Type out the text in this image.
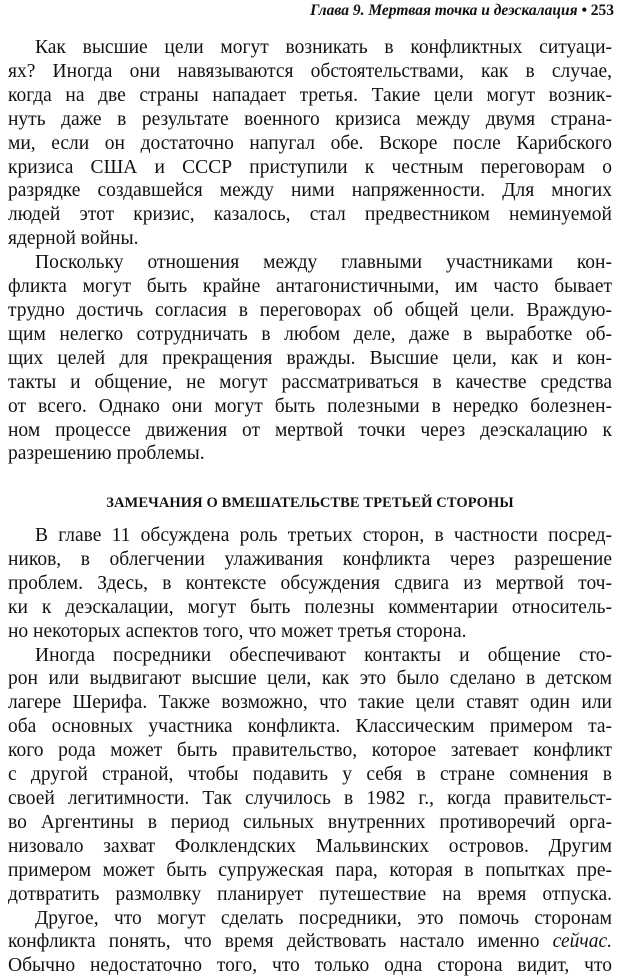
Глава 9. Мертвая точка и деэскалация • 253

Как высшие цели могут возникать в конфликтных ситуаци-
ях? Иногда они навязываются обстоятельствами, как в случае,
когда на две страны нападает третья. Такие цели могут возник-
нуть даже в результате военного кризиса между двумя страна-
ми, если он достаточно напугал обе. Вскоре после Карибского
кризиса США и СССР приступили к честным переговорам о
разрядке создавшейся между ними напряженности. Для многих
людей этот кризис, казалось, стал предвестником неминуемой
ядерной войны.

Поскольку отношения между главными участниками кон-
фликта могут быть крайне антагонистичными, им часто бывает
трудно достичь согласия в переговорах об общей цели. Враждую-
щим нелегко сотрудничать в любом деле, даже в выработке об-
щих целей для прекращения вражды. Высшие цели, как и кон-
такты и общение, не могут рассматриваться в качестве средства
от всего. Однако они могут быть полезными в нередко болезнен-
ном процессе движения от мертвой точки через деэскалацию к
разрешению проблемы.

ЗАМЕЧАНИЯ О ВМЕШАТЕЛЬСТВЕ ТРЕТЬЕЙ СТОРОНЫ

В главе 11 обсуждена роль третьих сторон, в частности посред-
ников, в облегчении улаживания конфликта через разрешение
проблем. Здесь, в контексте обсуждения сдвига из мертвой точ-
ки к деэскалации, могут быть полезны комментарии относитель-
но некоторых аспектов того, что может третья сторона.

Иногда посредники обеспечивают контакты и общение сто-
рон или выдвигают высшие цели, как это было сделано в детском
лагере Шерифа. Также возможно, что такие цели ставят один или
оба основных участника конфликта. Классическим примером та-
кого рода может быть правительство, которое затевает конфликт
с другой страной, чтобы подавить у себя в стране сомнения в
своей легитимности. Так случилось в 1982 г., когда правительст-
во Аргентины в период сильных внутренних противоречий орга-
низовало захват Фолклендских Мальвинских островов. Другим
примером может быть супружеская пара, которая в попытках пре-
дотвратить размолвку планирует путешествие на время отпуска.

Другое, что могут сделать посредники, это помочь сторонам
конфликта понять, что время действовать настало именно сейчас.
Обычно недостаточно того, что только одна сторона видит, что
